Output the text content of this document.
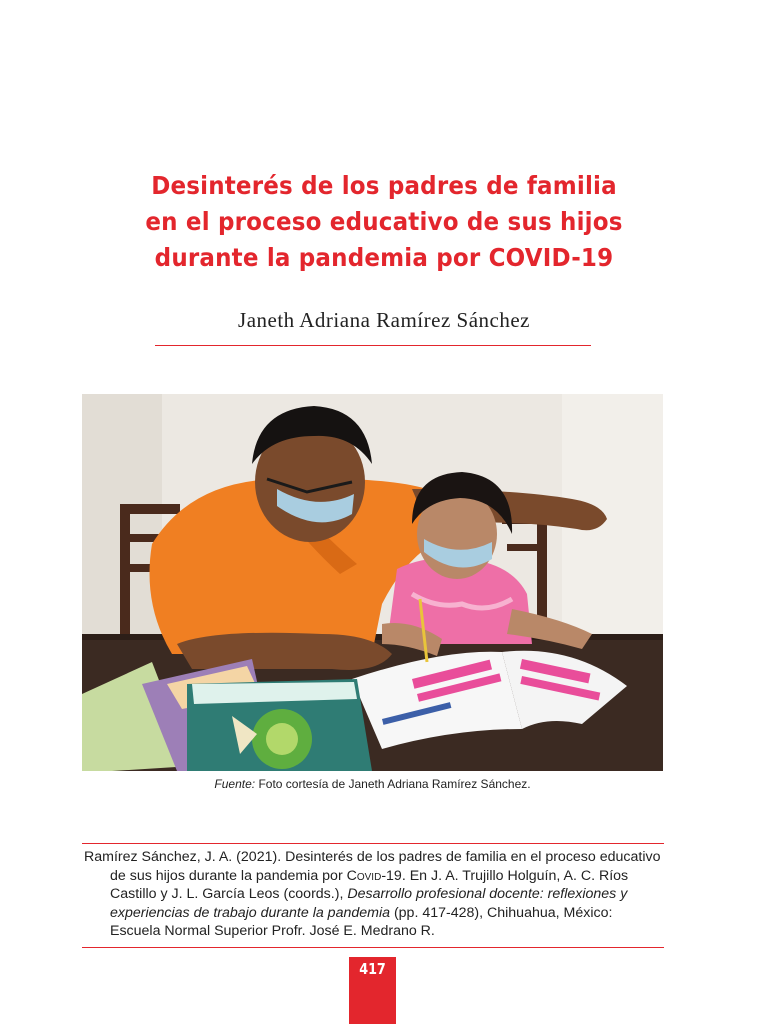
Desinterés de los padres de familia
en el proceso educativo de sus hijos
durante la pandemia por COVID-19
Janeth Adriana Ramírez Sánchez
Fuente: Foto cortesía de Janeth Adriana Ramírez Sánchez.
Ramírez Sánchez, J. A. (2021). Desinterés de los padres de familia en el proceso educativo de sus hijos durante la pandemia por Covid-19. En J. A. Trujillo Holguín, A. C. Ríos Castillo y J. L. García Leos (coords.), Desarrollo profesional docente: reflexiones y experiencias de trabajo durante la pandemia (pp. 417-428), Chihuahua, México: Escuela Normal Superior Profr. José E. Medrano R.
417
